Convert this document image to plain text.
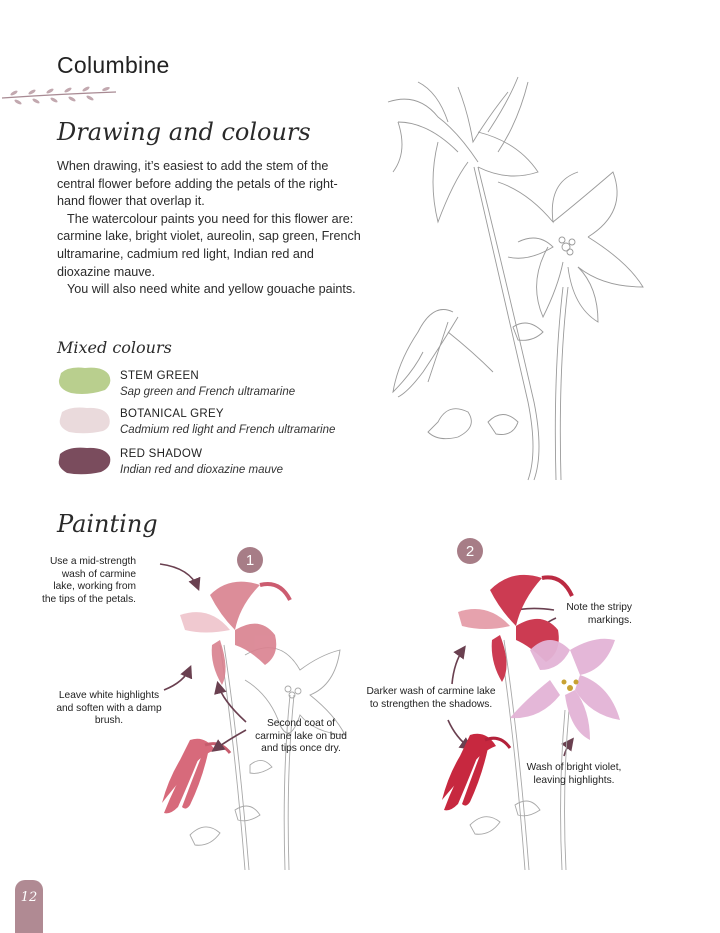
Columbine
Drawing and colours

When drawing, it’s easiest to add the stem of the central flower before adding the petals of the right-hand flower that overlap it.

The watercolour paints you need for this flower are: carmine lake, bright violet, aureolin, sap green, French ultramarine, cadmium red light, Indian red and dioxazine mauve.

You will also need white and yellow gouache paints.

Mixed colours
STEM GREEN
Sap green and French ultramarine
BOTANICAL GREY
Cadmium red light and French ultramarine
RED SHADOW
Indian red and dioxazine mauve
Painting
1
Use a mid-strength wash of carmine lake, working from the tips of the petals.
Leave white highlights and soften with a damp brush.	Second coat of carmine lake on bud and tips once dry.
2
Note the stripy markings.
Darker wash of carmine lake to strengthen the shadows.
Wash of bright violet, leaving highlights.
12
